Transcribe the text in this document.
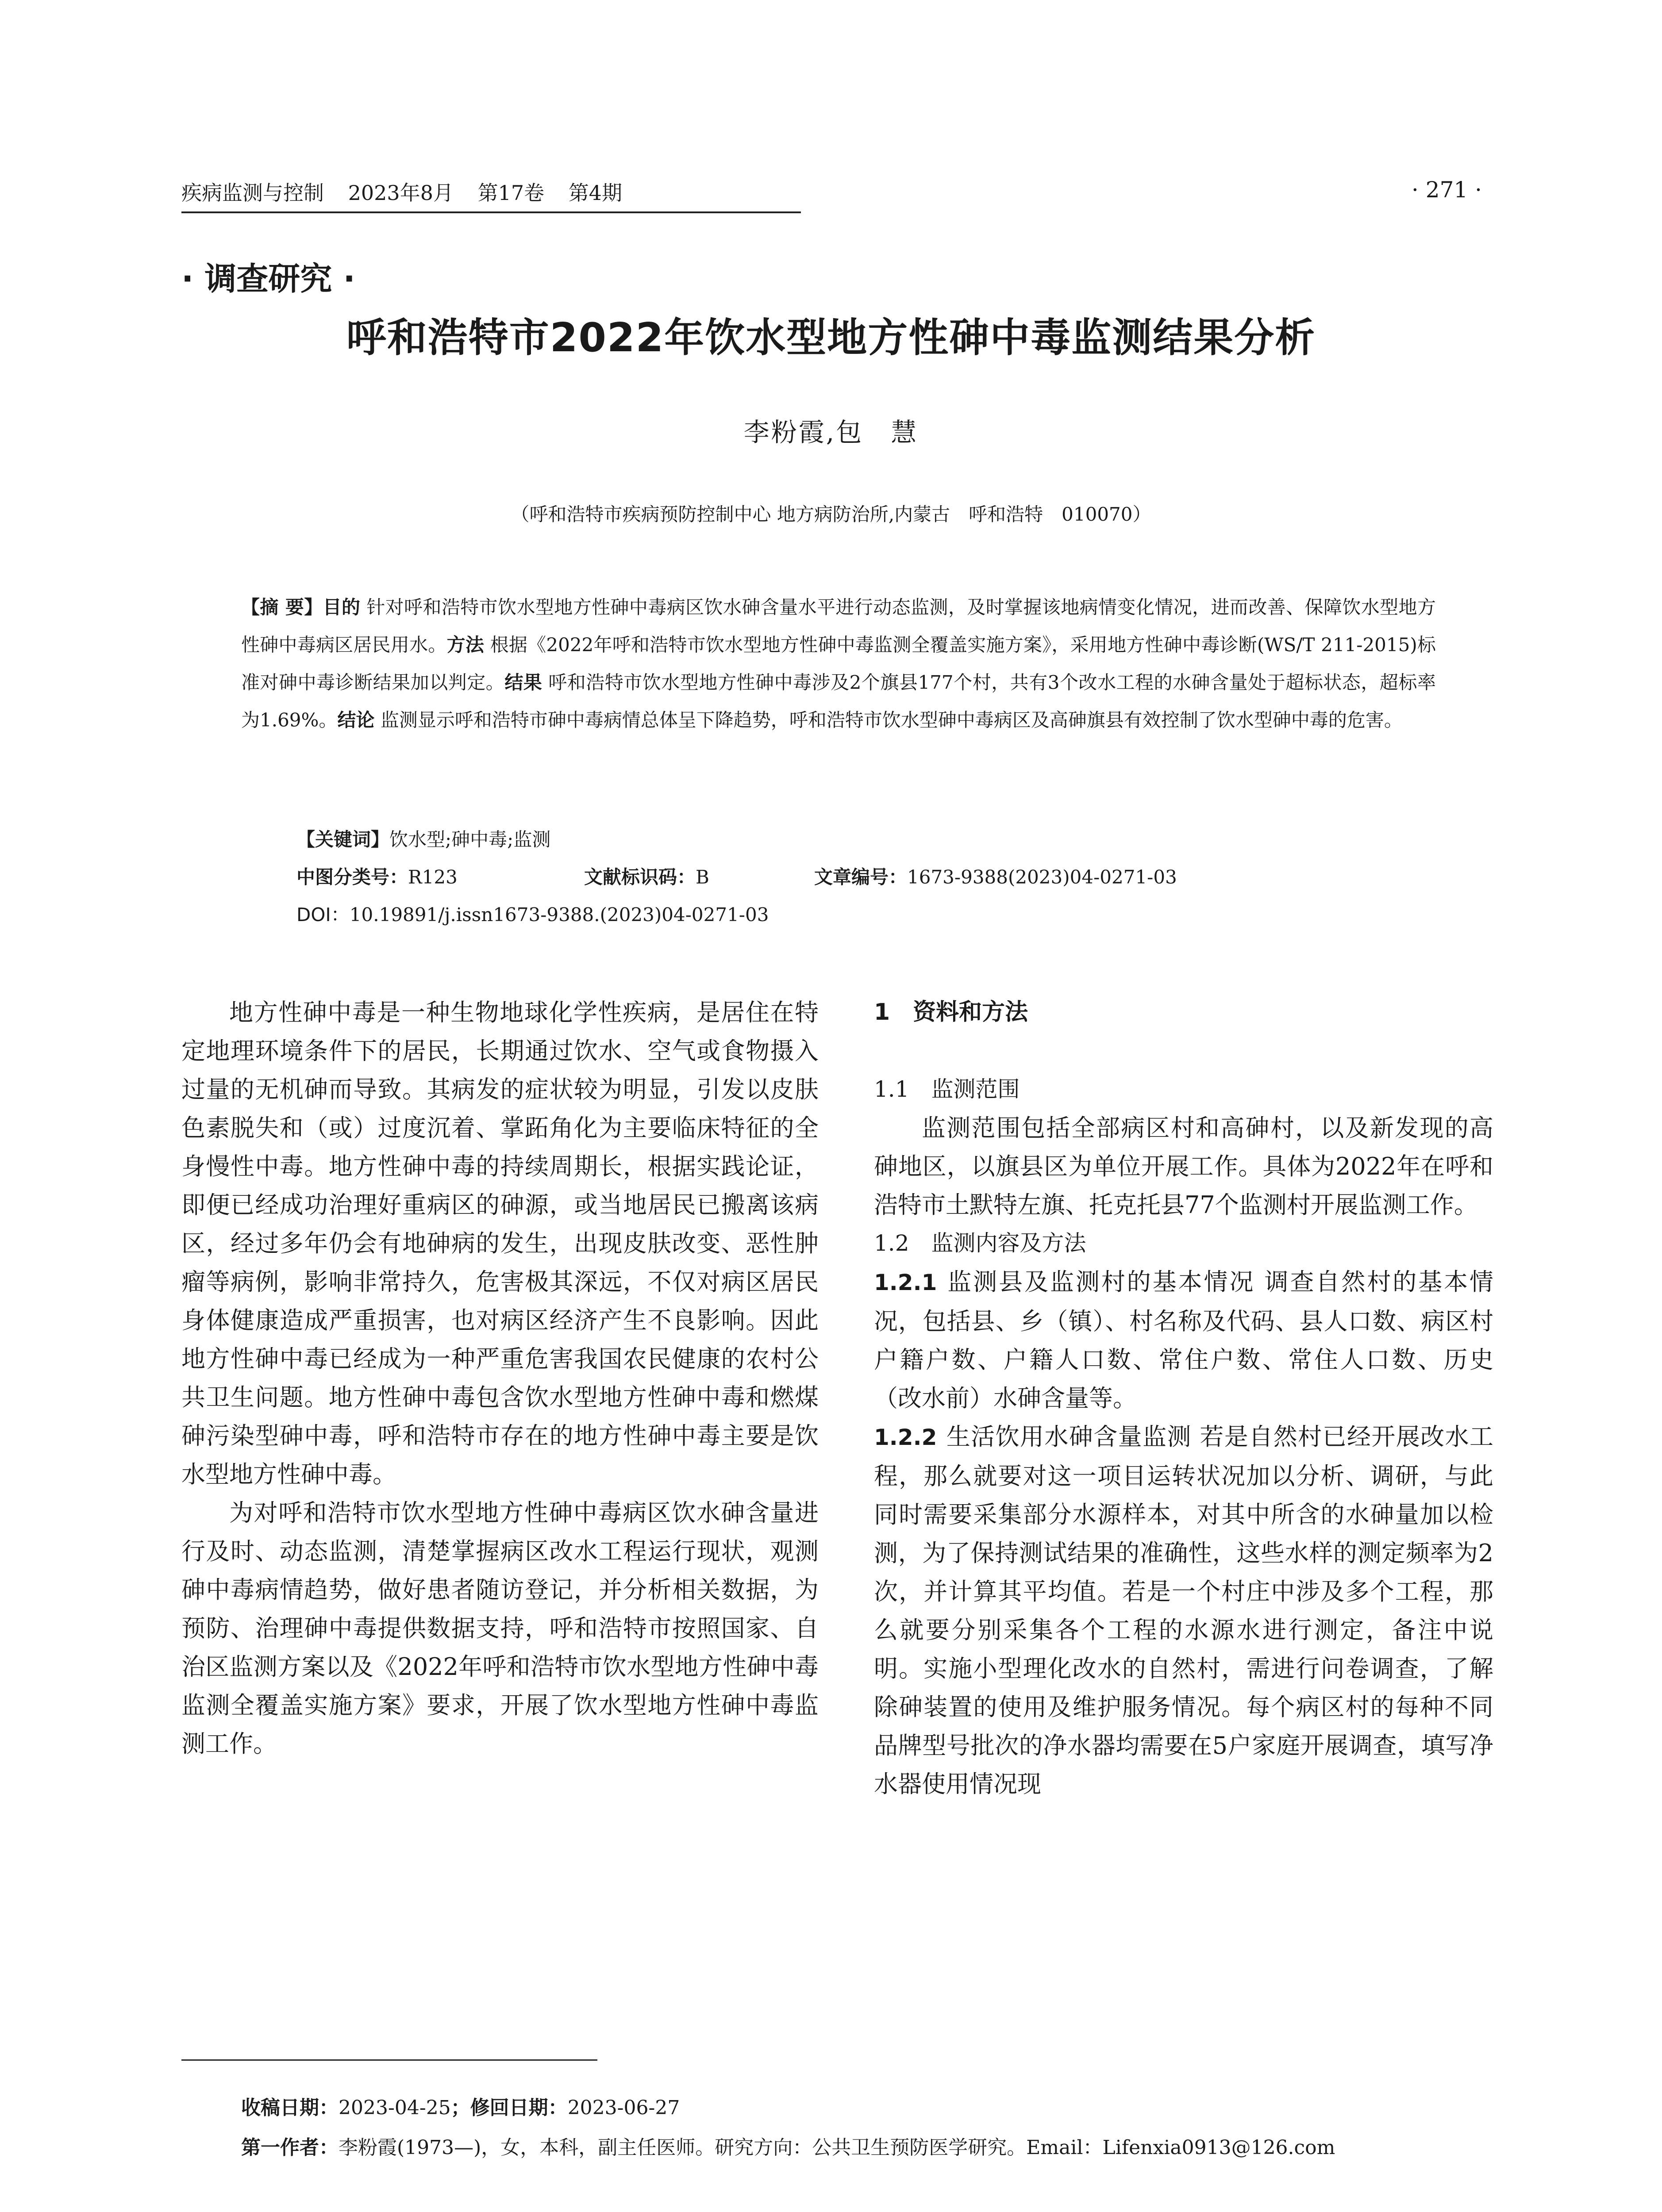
疾病监测与控制 2023年8月 第17卷 第4期	· 271 ·
· 调查研究 ·
呼和浩特市2022年饮水型地方性砷中毒监测结果分析
李粉霞,包　慧
（呼和浩特市疾病预防控制中心 地方病防治所,内蒙古　呼和浩特　010070）
【摘 要】目的 针对呼和浩特市饮水型地方性砷中毒病区饮水砷含量水平进行动态监测，及时掌握该地病情变化情况，进而改善、保障饮水型地方性砷中毒病区居民用水。方法 根据《2022年呼和浩特市饮水型地方性砷中毒监测全覆盖实施方案》，采用地方性砷中毒诊断(WS/T 211-2015)标准对砷中毒诊断结果加以判定。结果 呼和浩特市饮水型地方性砷中毒涉及2个旗县177个村，共有3个改水工程的水砷含量处于超标状态，超标率为1.69%。结论 监测显示呼和浩特市砷中毒病情总体呈下降趋势，呼和浩特市饮水型砷中毒病区及高砷旗县有效控制了饮水型砷中毒的危害。
【关键词】饮水型;砷中毒;监测
中图分类号：R123	文献标识码：B	文章编号：1673-9388(2023)04-0271-03
DOI：10.19891/j.issn1673-9388.(2023)04-0271-03

地方性砷中毒是一种生物地球化学性疾病，是居住在特定地理环境条件下的居民，长期通过饮水、空气或食物摄入过量的无机砷而导致。其病发的症状较为明显，引发以皮肤色素脱失和（或）过度沉着、掌跖角化为主要临床特征的全身慢性中毒。地方性砷中毒的持续周期长，根据实践论证，即便已经成功治理好重病区的砷源，或当地居民已搬离该病区，经过多年仍会有地砷病的发生，出现皮肤改变、恶性肿瘤等病例，影响非常持久，危害极其深远，不仅对病区居民身体健康造成严重损害，也对病区经济产生不良影响。因此地方性砷中毒已经成为一种严重危害我国农民健康的农村公共卫生问题。地方性砷中毒包含饮水型地方性砷中毒和燃煤砷污染型砷中毒，呼和浩特市存在的地方性砷中毒主要是饮水型地方性砷中毒。

为对呼和浩特市饮水型地方性砷中毒病区饮水砷含量进行及时、动态监测，清楚掌握病区改水工程运行现状，观测砷中毒病情趋势，做好患者随访登记，并分析相关数据，为预防、治理砷中毒提供数据支持，呼和浩特市按照国家、自治区监测方案以及《2022年呼和浩特市饮水型地方性砷中毒监测全覆盖实施方案》要求，开展了饮水型地方性砷中毒监测工作。

1　资料和方法
1.1　监测范围

监测范围包括全部病区村和高砷村，以及新发现的高砷地区，以旗县区为单位开展工作。具体为2022年在呼和浩特市土默特左旗、托克托县77个监测村开展监测工作。

1.2　监测内容及方法

1.2.1 监测县及监测村的基本情况 调查自然村的基本情况，包括县、乡（镇）、村名称及代码、县人口数、病区村户籍户数、户籍人口数、常住户数、常住人口数、历史（改水前）水砷含量等。

1.2.2 生活饮用水砷含量监测 若是自然村已经开展改水工程，那么就要对这一项目运转状况加以分析、调研，与此同时需要采集部分水源样本，对其中所含的水砷量加以检测，为了保持测试结果的准确性，这些水样的测定频率为2次，并计算其平均值。若是一个村庄中涉及多个工程，那么就要分别采集各个工程的水源水进行测定，备注中说明。实施小型理化改水的自然村，需进行问卷调查，了解除砷装置的使用及维护服务情况。每个病区村的每种不同品牌型号批次的净水器均需要在5户家庭开展调查，填写净水器使用情况现

收稿日期：2023-04-25；修回日期：2023-06-27
第一作者：李粉霞(1973—)，女，本科，副主任医师。研究方向：公共卫生预防医学研究。Email：Lifenxia0913@126.com
